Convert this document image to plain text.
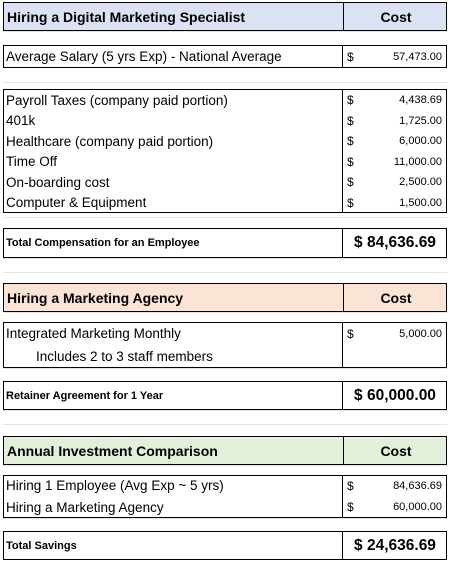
Hiring a Digital Marketing Specialist	Cost
Average Salary (5 yrs Exp) - National Average	$	57,473.00
Payroll Taxes (company paid portion)	$	4,438.69
401k	$	1,725.00
Healthcare (company paid portion)	$	6,000.00
Time Off	$	11,000.00
On-boarding cost	$	2,500.00
Computer & Equipment	$	1,500.00
Total Compensation for an Employee	$ 84,636.69
Hiring a Marketing Agency	Cost
Integrated Marketing Monthly	$	5,000.00
Includes 2 to 3 staff members
Retainer Agreement for 1 Year	$ 60,000.00
Annual Investment Comparison	Cost
Hiring 1 Employee (Avg Exp ~ 5 yrs)	$	84,636.69
Hiring a Marketing Agency	$	60,000.00
Total Savings	$ 24,636.69
